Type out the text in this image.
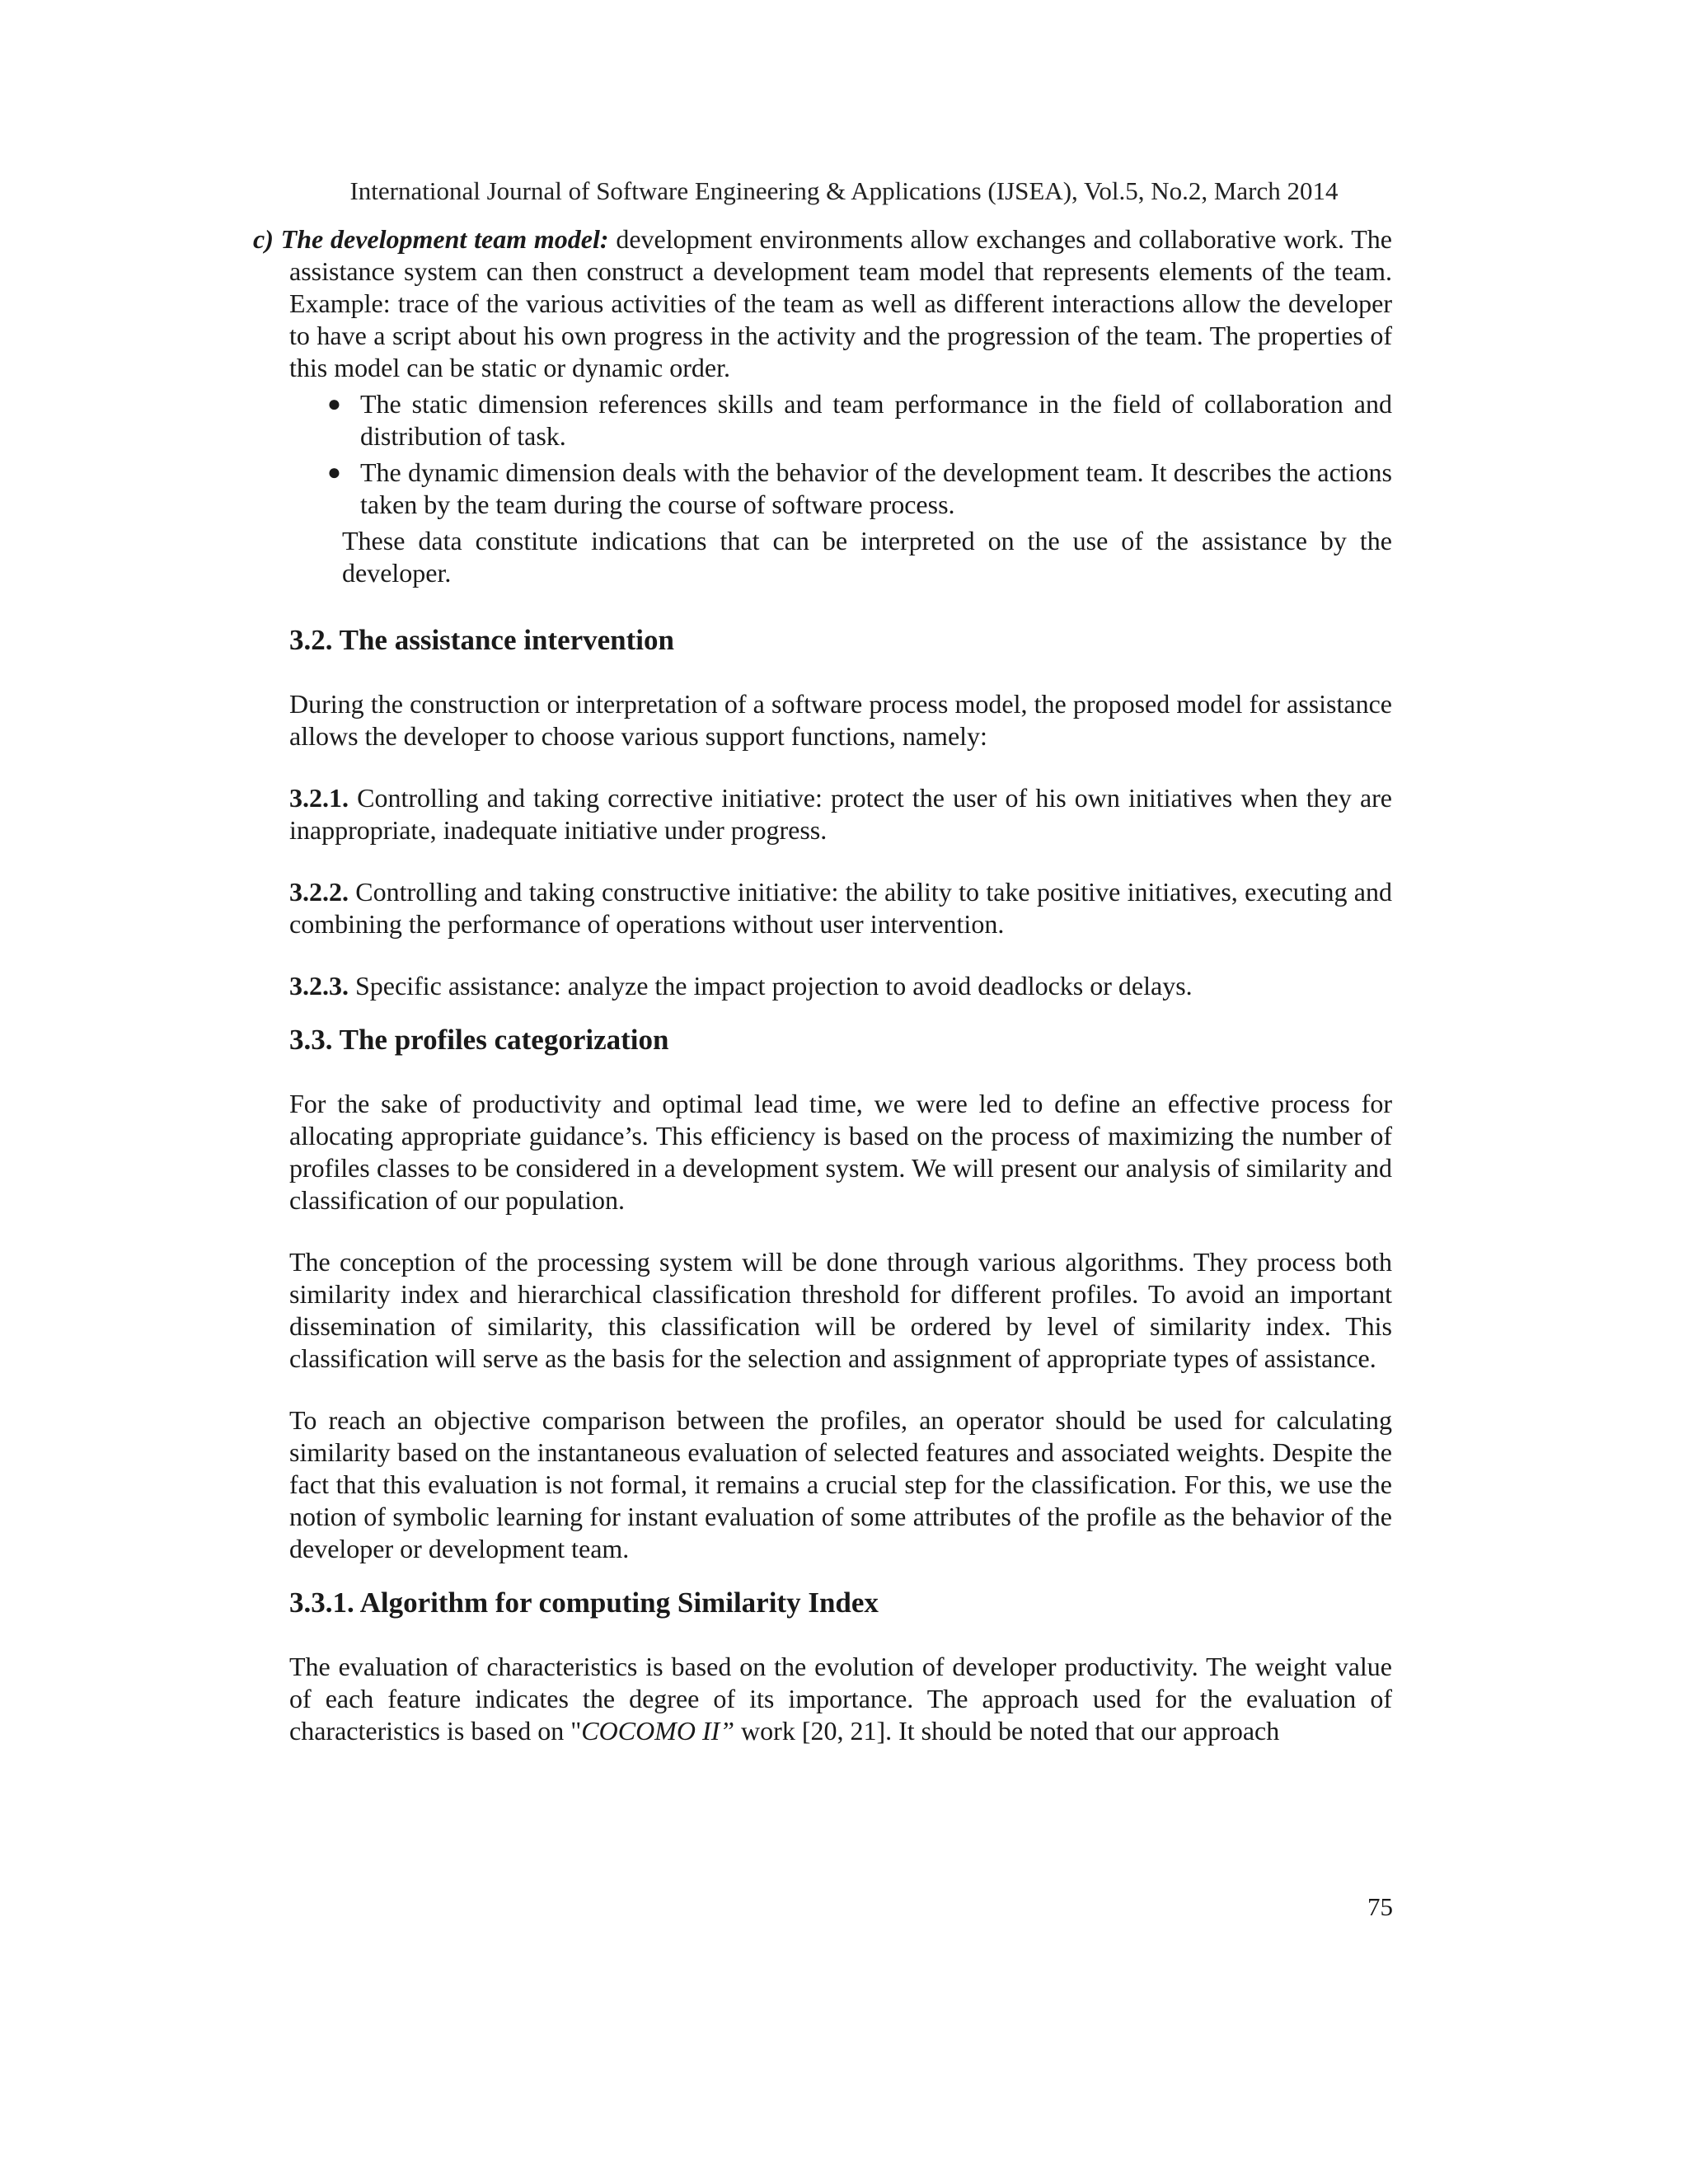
International Journal of Software Engineering & Applications (IJSEA), Vol.5, No.2, March 2014

c) The development team model: development environments allow exchanges and collaborative work. The assistance system can then construct a development team model that represents elements of the team. Example: trace of the various activities of the team as well as different interactions allow the developer to have a script about his own progress in the activity and the progression of the team. The properties of this model can be static or dynamic order.

● The static dimension references skills and team performance in the field of collaboration and distribution of task.
● The dynamic dimension deals with the behavior of the development team. It describes the actions taken by the team during the course of software process.

These data constitute indications that can be interpreted on the use of the assistance by the developer.

3.2. The assistance intervention

During the construction or interpretation of a software process model, the proposed model for assistance allows the developer to choose various support functions, namely:

3.2.1. Controlling and taking corrective initiative: protect the user of his own initiatives when they are inappropriate, inadequate initiative under progress.

3.2.2. Controlling and taking constructive initiative: the ability to take positive initiatives, executing and combining the performance of operations without user intervention.

3.2.3. Specific assistance: analyze the impact projection to avoid deadlocks or delays.

3.3. The profiles categorization

For the sake of productivity and optimal lead time, we were led to define an effective process for allocating appropriate guidance’s. This efficiency is based on the process of maximizing the number of profiles classes to be considered in a development system. We will present our analysis of similarity and classification of our population.

The conception of the processing system will be done through various algorithms. They process both similarity index and hierarchical classification threshold for different profiles. To avoid an important dissemination of similarity, this classification will be ordered by level of similarity index. This classification will serve as the basis for the selection and assignment of appropriate types of assistance.

To reach an objective comparison between the profiles, an operator should be used for calculating similarity based on the instantaneous evaluation of selected features and associated weights. Despite the fact that this evaluation is not formal, it remains a crucial step for the classification. For this, we use the notion of symbolic learning for instant evaluation of some attributes of the profile as the behavior of the developer or development team.

3.3.1. Algorithm for computing Similarity Index

The evaluation of characteristics is based on the evolution of developer productivity. The weight value of each feature indicates the degree of its importance. The approach used for the evaluation of characteristics is based on "COCOMO II” work [20, 21]. It should be noted that our approach

75
